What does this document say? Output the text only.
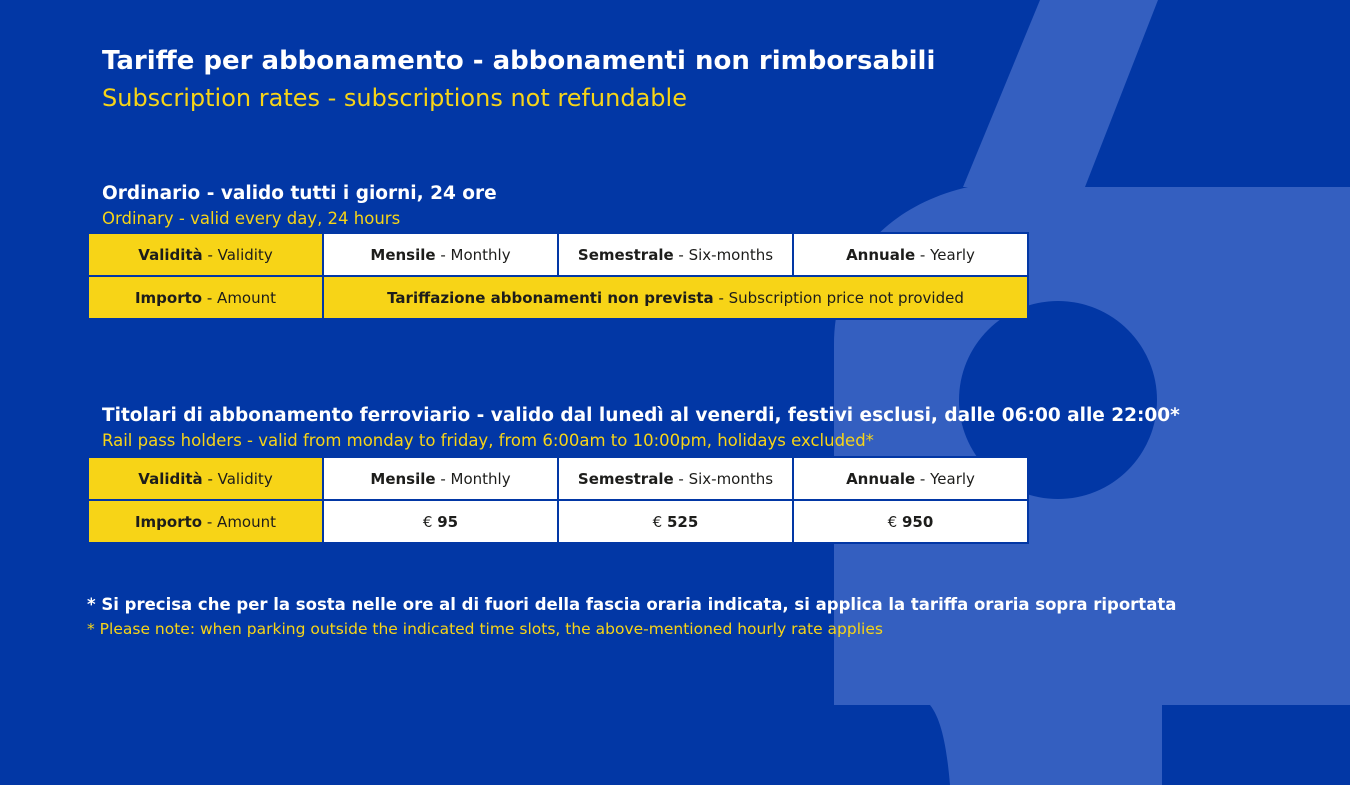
Tariffe per abbonamento - abbonamenti non rimborsabili
Subscription rates - subscriptions not refundable
Ordinario - valido tutti i giorni, 24 ore
Ordinary - valid every day, 24 hours
Validità - Validity	Mensile - Monthly	Semestrale - Six-months	Annuale - Yearly
Importo - Amount	Tariffazione abbonamenti non prevista - Subscription price not provided		
Titolari di abbonamento ferroviario - valido dal lunedì al venerdi, festivi esclusi, dalle 06:00 alle 22:00*
Rail pass holders - valid from monday to friday, from 6:00am to 10:00pm, holidays excluded*
Validità - Validity	Mensile - Monthly	Semestrale - Six-months	Annuale - Yearly
Importo - Amount	€ 95	€ 525	€ 950
* Si precisa che per la sosta nelle ore al di fuori della fascia oraria indicata, si applica la tariffa oraria sopra riportata
* Please note: when parking outside the indicated time slots, the above-mentioned hourly rate applies
